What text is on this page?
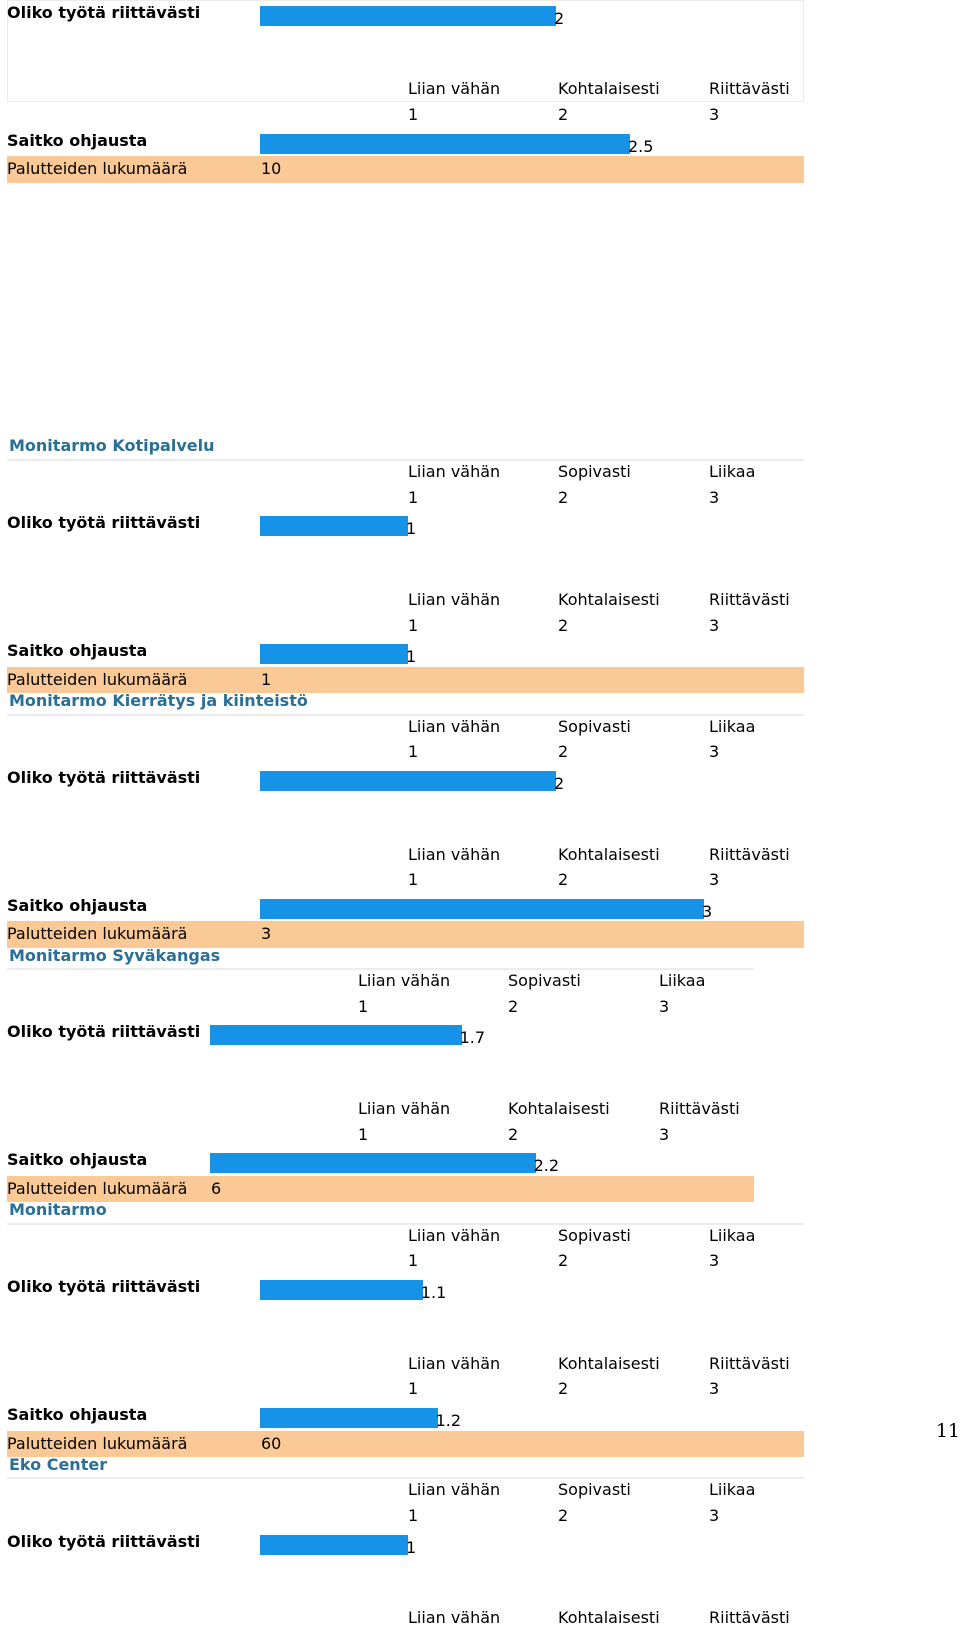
Oliko työtä riittävästi	2
Liian vähän	Kohtalaisesti	Riittävästi
1	2	3
Saitko ohjausta	2.5
Palutteiden lukumäärä	10
Monitarmo Kotipalvelu
Liian vähän	Sopivasti	Liikaa
1	2	3
Oliko työtä riittävästi	1
Liian vähän	Kohtalaisesti	Riittävästi
1	2	3
Saitko ohjausta	1
Palutteiden lukumäärä	1
Monitarmo Kierrätys ja kiinteistö
Liian vähän	Sopivasti	Liikaa
1	2	3
Oliko työtä riittävästi	2
Liian vähän	Kohtalaisesti	Riittävästi
1	2	3
Saitko ohjausta	3
Palutteiden lukumäärä	3
Monitarmo Syväkangas
Liian vähän	Sopivasti	Liikaa
1	2	3
Oliko työtä riittävästi	1.7
Liian vähän	Kohtalaisesti	Riittävästi
1	2	3
Saitko ohjausta	2.2
Palutteiden lukumäärä 6
Monitarmo
Liian vähän	Sopivasti	Liikaa
1	2	3
Oliko työtä riittävästi	1.1
Liian vähän	Kohtalaisesti	Riittävästi
1	2	3
Saitko ohjausta	1.2
Palutteiden lukumäärä	60
Eko Center
Liian vähän	Sopivasti	Liikaa
1	2	3
Oliko työtä riittävästi	1
Liian vähän	Kohtalaisesti	Riittävästi
11
